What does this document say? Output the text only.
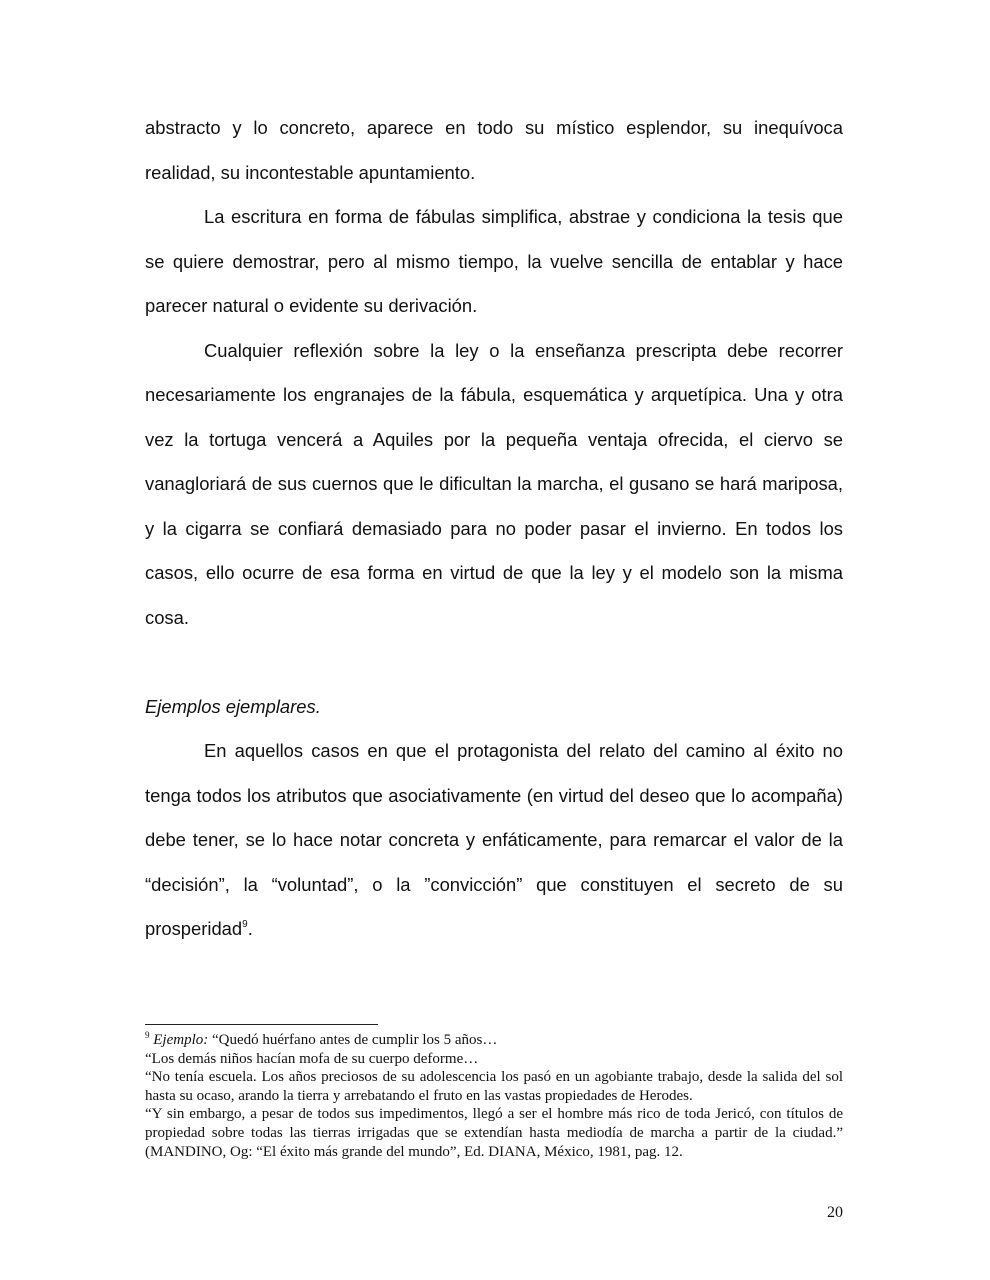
abstracto y lo concreto, aparece en todo su místico esplendor, su inequívoca realidad, su incontestable apuntamiento.

La escritura en forma de fábulas simplifica, abstrae y condiciona la tesis que se quiere demostrar, pero al mismo tiempo, la vuelve sencilla de entablar y hace parecer natural o evidente su derivación.

Cualquier reflexión sobre la ley o la enseñanza prescripta debe recorrer necesariamente los engranajes de la fábula, esquemática y arquetípica. Una y otra vez la tortuga vencerá a Aquiles por la pequeña ventaja ofrecida, el ciervo se vanagloriará de sus cuernos que le dificultan la marcha, el gusano se hará mariposa, y la cigarra se confiará demasiado para no poder pasar el invierno. En todos los casos, ello ocurre de esa forma en virtud de que la ley y el modelo son la misma cosa.

Ejemplos ejemplares.

En aquellos casos en que el protagonista del relato del camino al éxito no tenga todos los atributos que asociativamente (en virtud del deseo que lo acompaña) debe tener, se lo hace notar concreta y enfáticamente, para remarcar el valor de la “decisión”, la “voluntad”, o la ”convicción” que constituyen el secreto de su prosperidad$^9$.

$^9$ Ejemplo: “Quedó huérfano antes de cumplir los 5 años…

“Los demás niños hacían mofa de su cuerpo deforme…

“No tenía escuela. Los años preciosos de su adolescencia los pasó en un agobiante trabajo, desde la salida del sol hasta su ocaso, arando la tierra y arrebatando el fruto en las vastas propiedades de Herodes.

“Y sin embargo, a pesar de todos sus impedimentos, llegó a ser el hombre más rico de toda Jericó, con títulos de propiedad sobre todas las tierras irrigadas que se extendían hasta mediodía de marcha a partir de la ciudad.” (MANDINO, Og: “El éxito más grande del mundo”, Ed. DIANA, México, 1981, pag. 12.

20
